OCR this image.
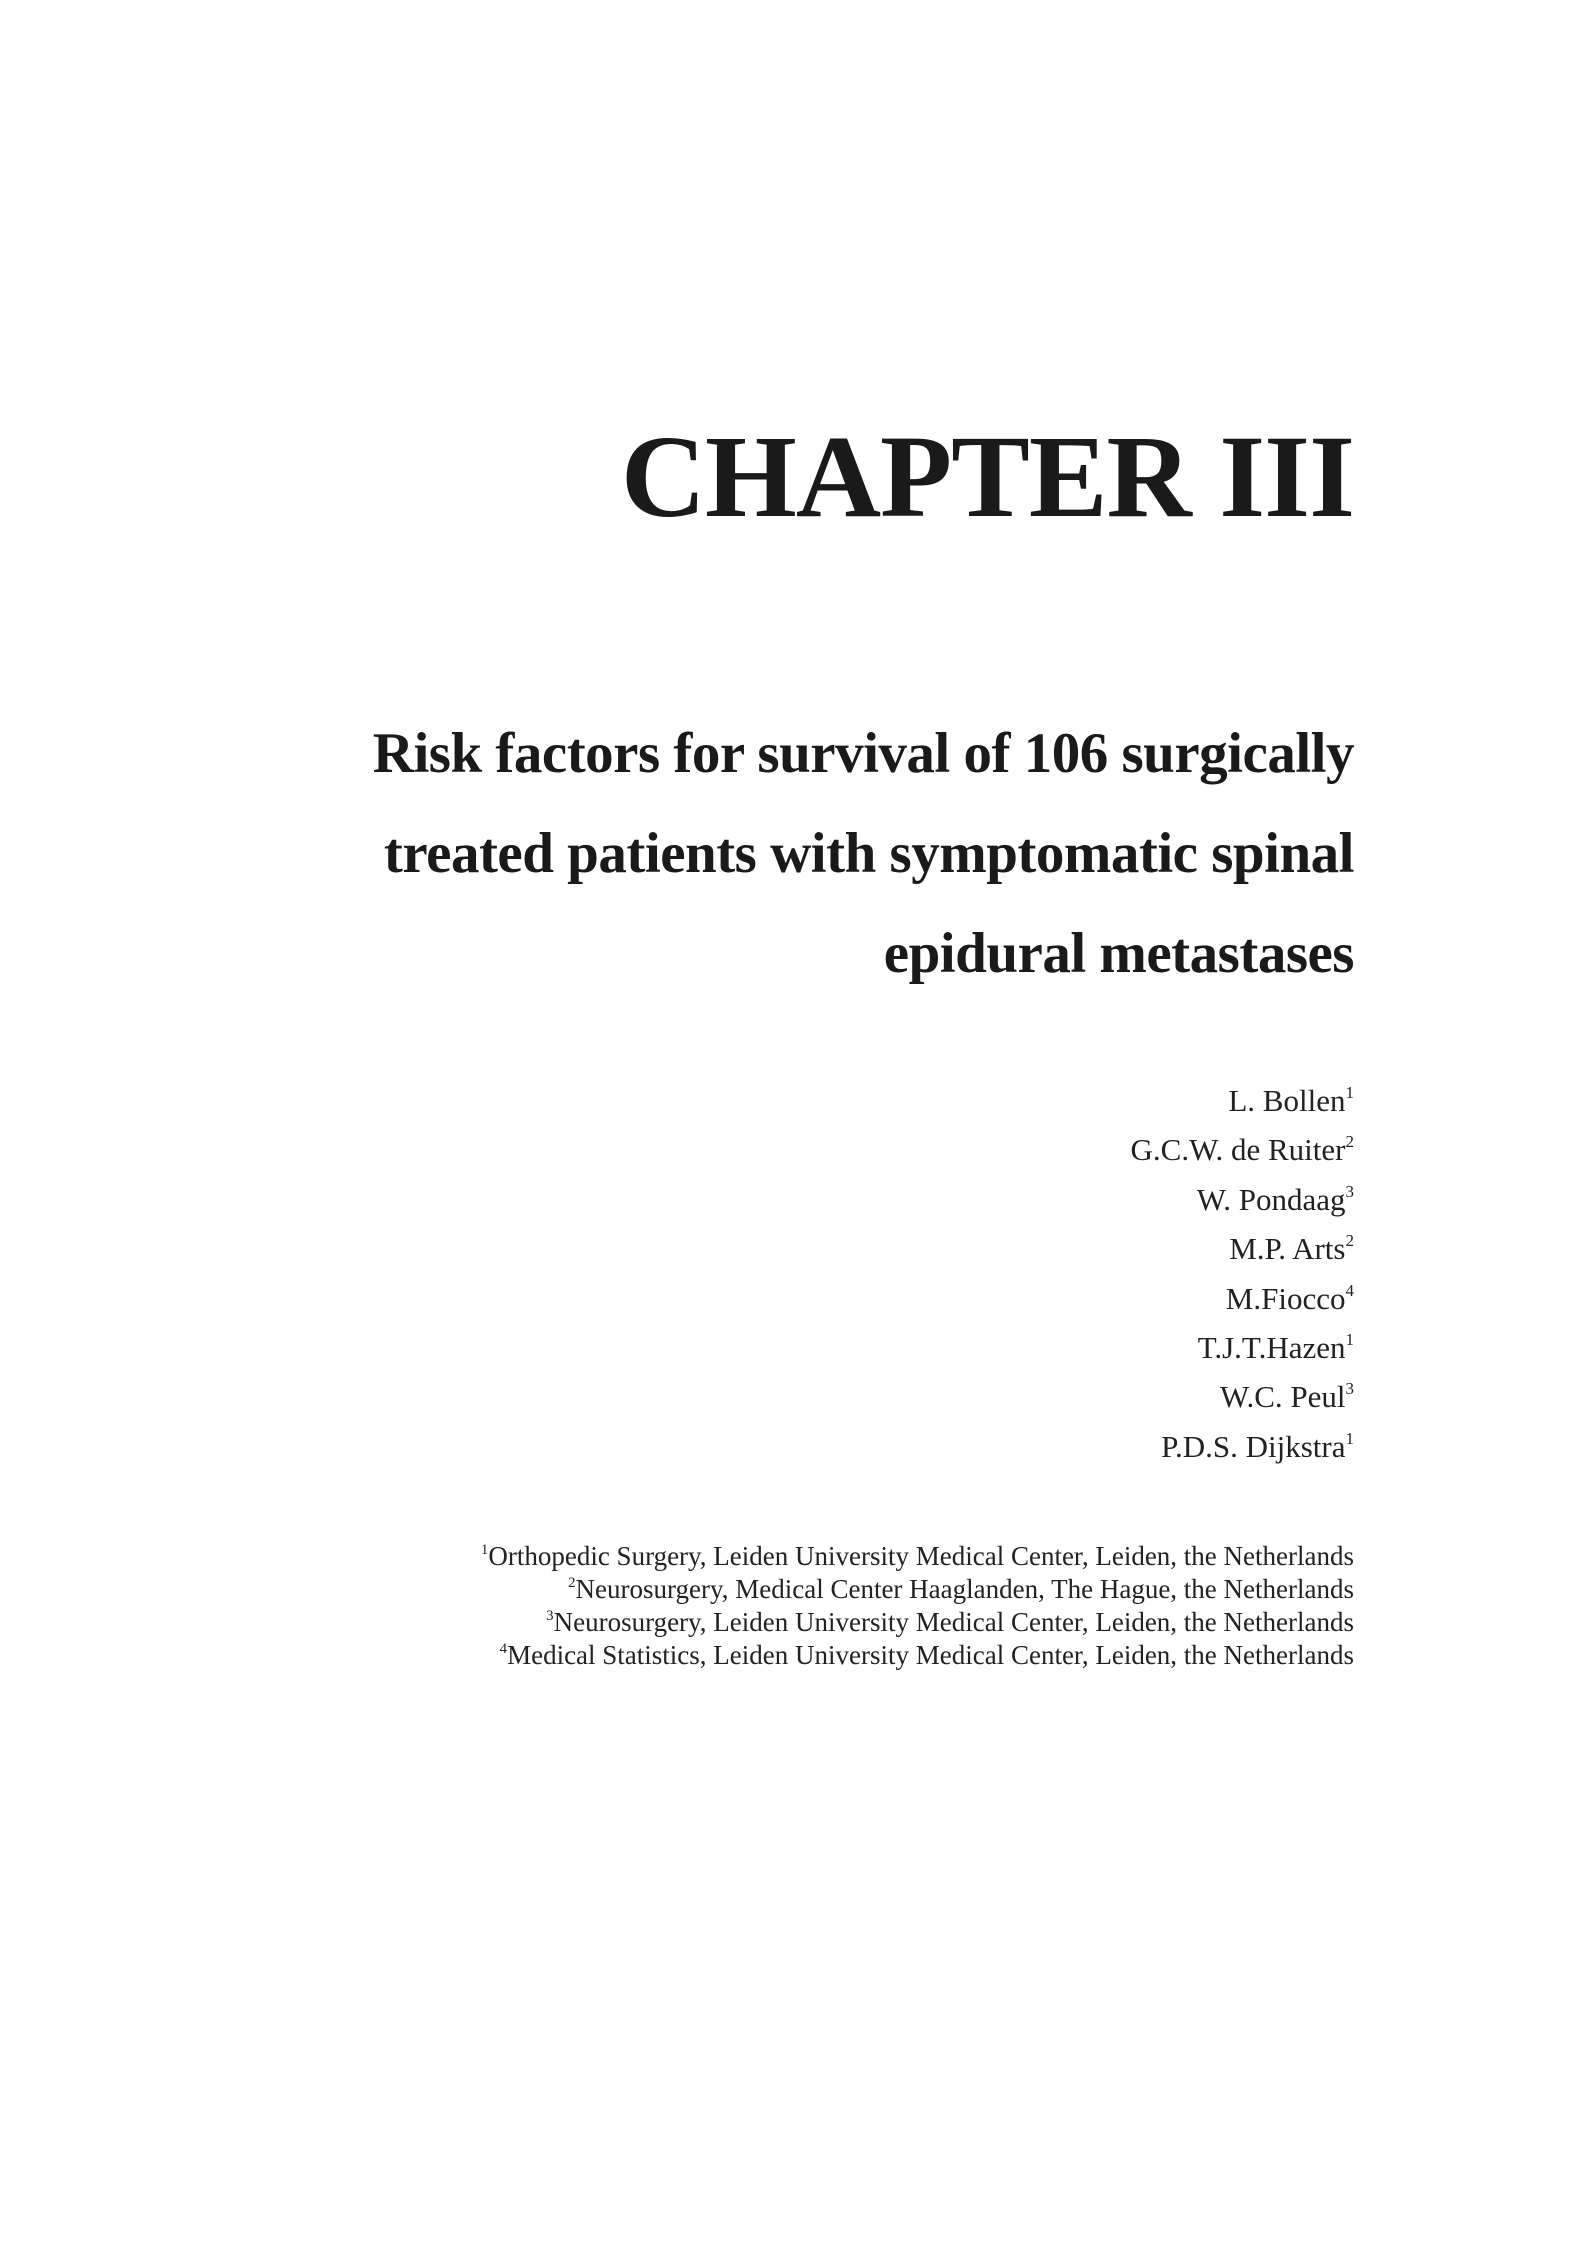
CHAPTER III
Risk factors for survival of 106 surgically
treated patients with symptomatic spinal
epidural metastases
L. Bollen$^1$
G.C.W. de Ruiter$^2$
W. Pondaag$^3$
M.P. Arts$^2$
M.Fiocco$^4$
T.J.T.Hazen$^1$
W.C. Peul$^3$
P.D.S. Dijkstra$^1$
$^1$Orthopedic Surgery, Leiden University Medical Center, Leiden, the Netherlands
$^2$Neurosurgery, Medical Center Haaglanden, The Hague, the Netherlands
$^3$Neurosurgery, Leiden University Medical Center, Leiden, the Netherlands
$^4$Medical Statistics, Leiden University Medical Center, Leiden, the Netherlands
